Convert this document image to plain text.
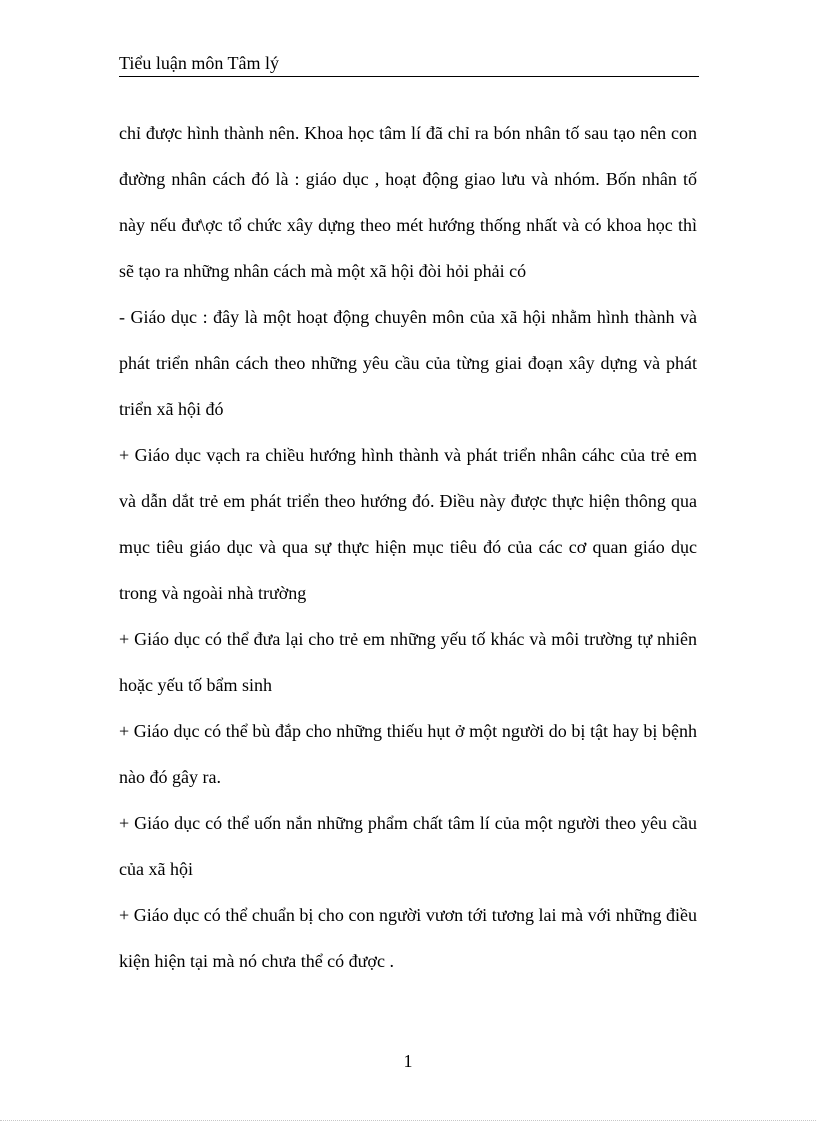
Tiểu luận môn Tâm lý

chỉ được hình thành nên. Khoa học tâm lí đã chỉ ra bón nhân tố sau tạo nên con đường nhân cách đó là : giáo dục , hoạt động giao lưu và nhóm. Bốn nhân tố này nếu đư\ợc tổ chức xây dựng theo mét hướng thống nhất và có khoa học thì sẽ tạo ra những nhân cách mà một xã hội đòi hỏi phải có

- Giáo dục : đây là một hoạt động chuyên môn của xã hội nhằm hình thành và phát triển nhân cách theo những yêu cầu của từng giai đoạn xây dựng và phát triển xã hội đó

+ Giáo dục vạch ra chiều hướng hình thành và phát triển nhân cáhc của trẻ em và dẫn dắt trẻ em phát triển theo hướng đó. Điều này được thực hiện thông qua mục tiêu giáo dục và qua sự thực hiện mục tiêu đó của các cơ quan giáo dục trong và ngoài nhà trường

+ Giáo dục có thể đưa lại cho trẻ em những yếu tố khác và môi trường tự nhiên hoặc yếu tố bẩm sinh

+ Giáo dục có thể bù đắp cho những thiếu hụt ở một người do bị tật hay bị bệnh nào đó gây ra.

+ Giáo dục có thể uốn nắn những phẩm chất tâm lí của một người theo yêu cầu của xã hội

+ Giáo dục có thể chuẩn bị cho con người vươn tới tương lai mà với những điều kiện hiện tại mà nó chưa thể có được .

1
